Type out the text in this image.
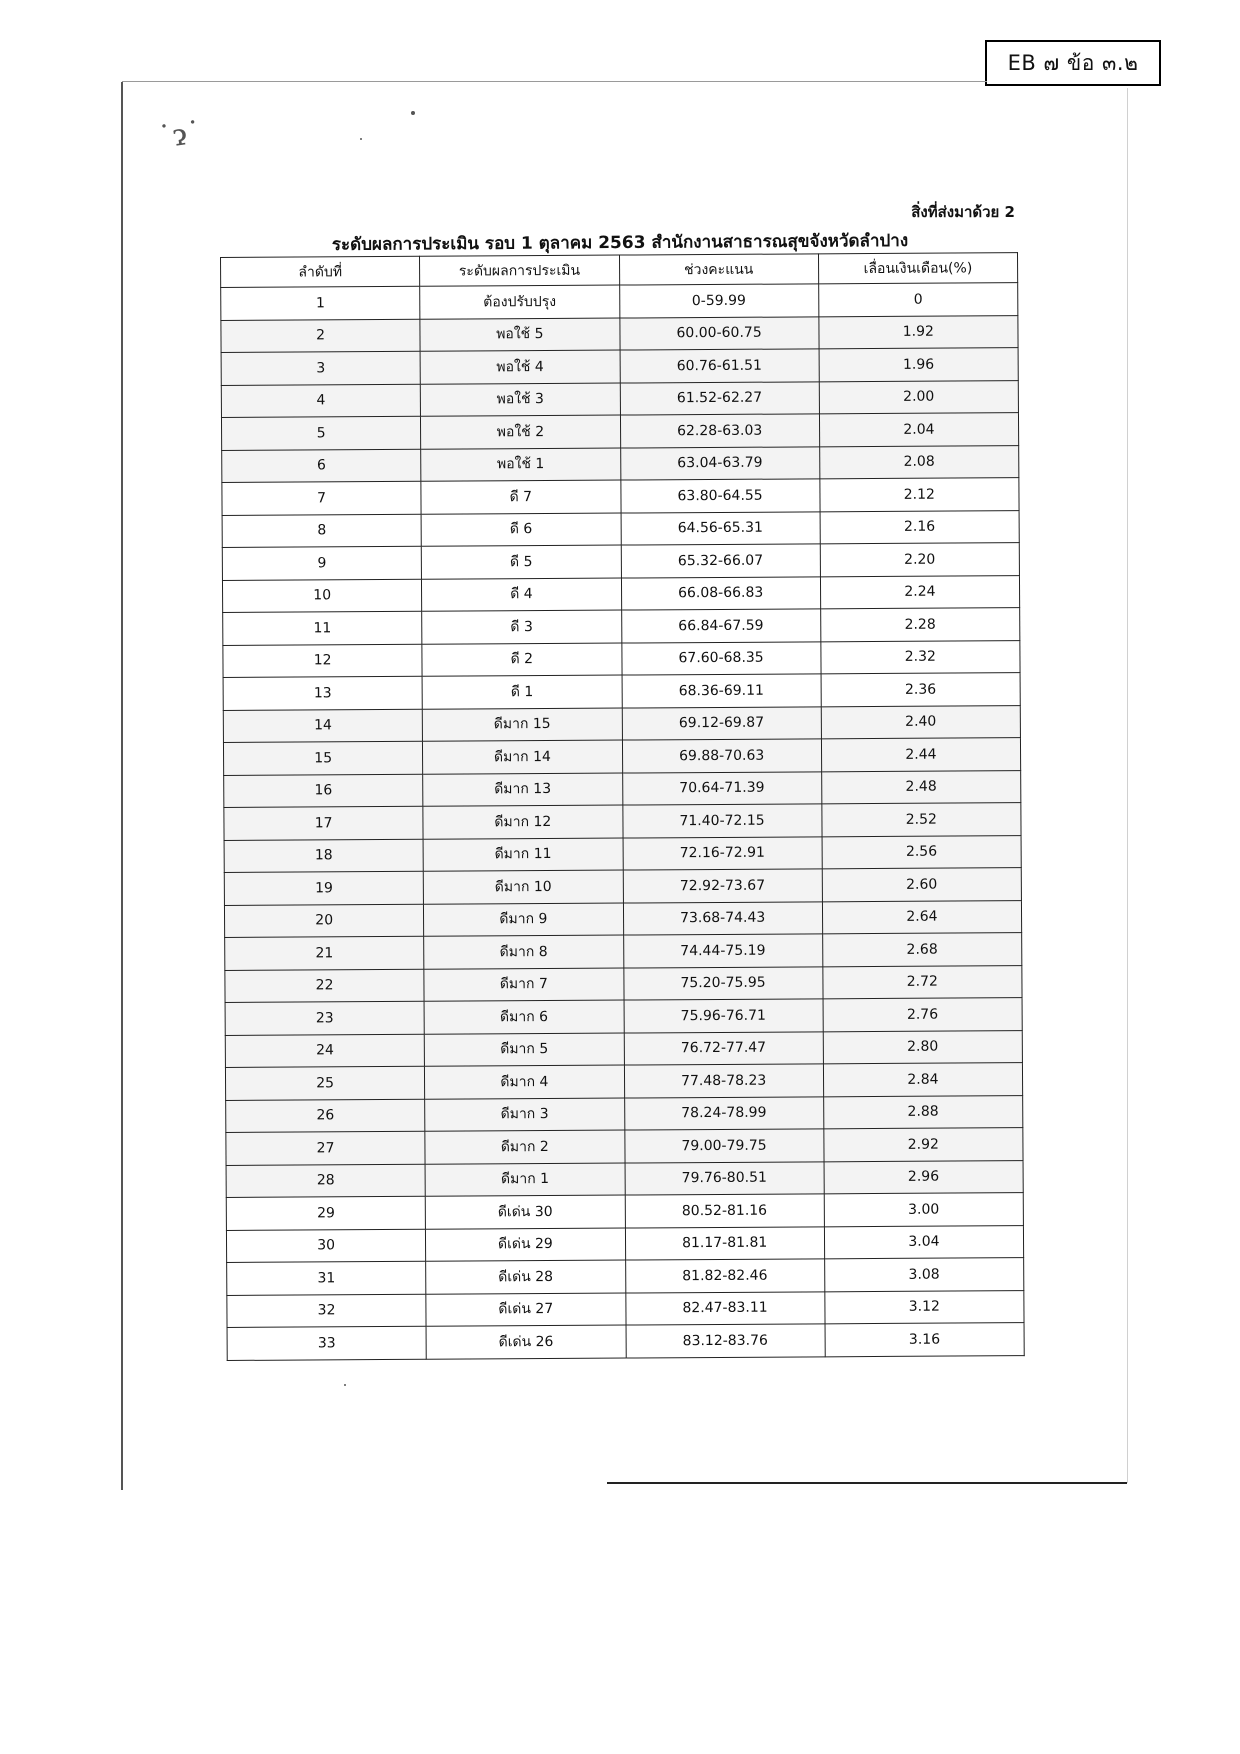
EB ๗ ข้อ ๓.๒
˙ɂ˙
สิ่งที่ส่งมาด้วย 2
ระดับผลการประเมิน รอบ 1 ตุลาคม 2563 สำนักงานสาธารณสุขจังหวัดลำปาง
ลำดับที่	ระดับผลการประเมิน	ช่วงคะแนน	เลื่อนเงินเดือน(%)
1	ต้องปรับปรุง	0-59.99	0
2	พอใช้ 5	60.00-60.75	1.92
3	พอใช้ 4	60.76-61.51	1.96
4	พอใช้ 3	61.52-62.27	2.00
5	พอใช้ 2	62.28-63.03	2.04
6	พอใช้ 1	63.04-63.79	2.08
7	ดี 7	63.80-64.55	2.12
8	ดี 6	64.56-65.31	2.16
9	ดี 5	65.32-66.07	2.20
10	ดี 4	66.08-66.83	2.24
11	ดี 3	66.84-67.59	2.28
12	ดี 2	67.60-68.35	2.32
13	ดี 1	68.36-69.11	2.36
14	ดีมาก 15	69.12-69.87	2.40
15	ดีมาก 14	69.88-70.63	2.44
16	ดีมาก 13	70.64-71.39	2.48
17	ดีมาก 12	71.40-72.15	2.52
18	ดีมาก 11	72.16-72.91	2.56
19	ดีมาก 10	72.92-73.67	2.60
20	ดีมาก 9	73.68-74.43	2.64
21	ดีมาก 8	74.44-75.19	2.68
22	ดีมาก 7	75.20-75.95	2.72
23	ดีมาก 6	75.96-76.71	2.76
24	ดีมาก 5	76.72-77.47	2.80
25	ดีมาก 4	77.48-78.23	2.84
26	ดีมาก 3	78.24-78.99	2.88
27	ดีมาก 2	79.00-79.75	2.92
28	ดีมาก 1	79.76-80.51	2.96
29	ดีเด่น 30	80.52-81.16	3.00
30	ดีเด่น 29	81.17-81.81	3.04
31	ดีเด่น 28	81.82-82.46	3.08
32	ดีเด่น 27	82.47-83.11	3.12
33	ดีเด่น 26	83.12-83.76	3.16
